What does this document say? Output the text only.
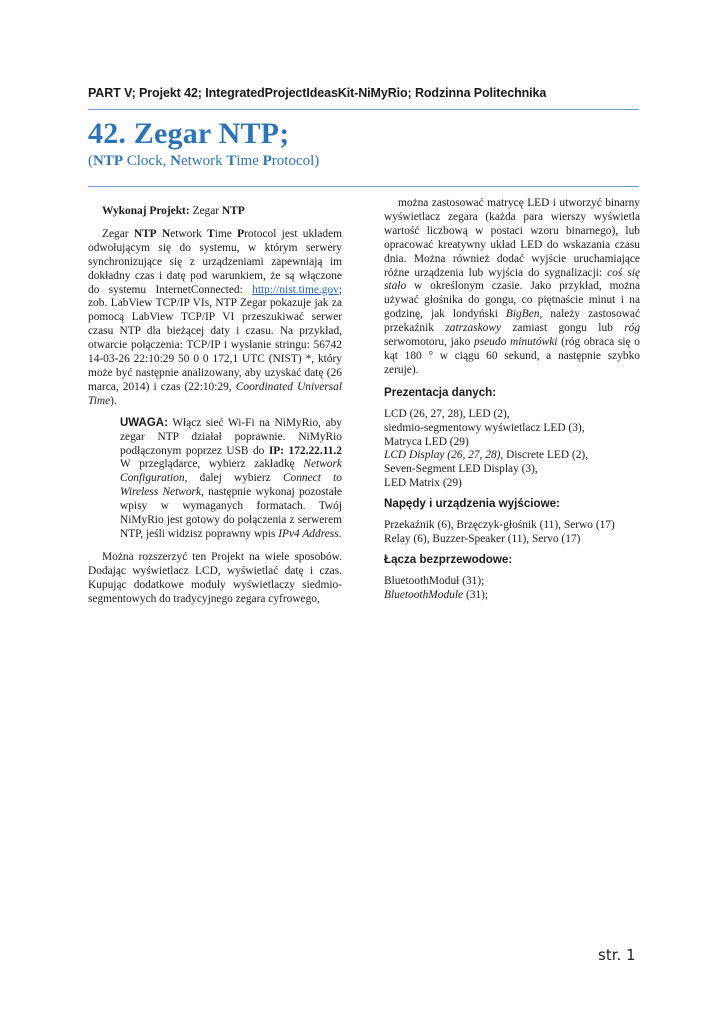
PART V; Projekt 42; IntegratedProjectIdeasKit-NiMyRio; Rodzinna Politechnika
42. Zegar NTP;
(NTP Clock, Network Time Protocol)

Wykonaj Projekt: Zegar NTP

Zegar NTP Network Time Protocol jest układem odwołującym się do systemu, w którym serwery synchronizujące się z urządzeniami zapewniają im dokładny czas i datę pod warunkiem, że są włączone do systemu InternetConnected: http://nist.time.gov; zob. LabView TCP/IP VIs, NTP Zegar pokazuje jak za pomocą LabView TCP/IP VI przeszukiwać serwer czasu NTP dla bieżącej daty i czasu. Na przykład, otwarcie połączenia: TCP/IP i wysłanie stringu: 56742 14-03-26 22:10:29 50 0 0 172,1 UTC (NIST) *, który może być następnie analizowany, aby uzyskać datę (26 marca, 2014) i czas (22:10:29, Coordinated Universal Time).

UWAGA: Włącz sieć Wi-Fi na NiMyRio, aby zegar NTP działał poprawnie. NiMyRio podłączonym poprzez USB do IP: 172.22.11.2 W przeglądarce, wybierz zakładkę Network Configuration, dalej wybierz Connect to Wireless Network, następnie wykonaj pozostałe wpisy w wymaganych formatach. Twój NiMyRio jest gotowy do połączenia z serwerem NTP, jeśli widzisz poprawny wpis IPv4 Address.

Można rozszerzyć ten Projekt na wiele sposobów. Dodając wyświetlacz LCD, wyświetlać datę i czas. Kupując dodatkowe moduły wyświetlaczy siedmio-segmentowych do tradycyjnego zegara cyfrowego,

można zastosować matrycę LED i utworzyć binarny wyświetlacz zegara (każda para wierszy wyświetla wartość liczbową w postaci wzoru binarnego), lub opracować kreatywny układ LED do wskazania czasu dnia. Można również dodać wyjście uruchamiające różne urządzenia lub wyjścia do sygnalizacji: coś się stało w określonym czasie. Jako przykład, można używać głośnika do gongu, co piętnaście minut i na godzinę, jak londyński BigBen, należy zastosować przekaźnik zatrzaskowy zamiast gongu lub róg serwomotoru, jako pseudo minutówki (róg obraca się o kąt 180 ° w ciągu 60 sekund, a następnie szybko zeruje).

Prezentacja danych:
LCD (26, 27, 28), LED (2),
siedmio-segmentowy wyświetlacz LED (3),
Matryca LED (29)
LCD Display (26, 27, 28), Discrete LED (2),
Seven-Segment LED Display (3),
LED Matrix (29)
Napędy i urządzenia wyjściowe:
Przekaźnik (6), Brzęczyk-głośnik (11), Serwo (17)
Relay (6), Buzzer-Speaker (11), Servo (17)
Łącza bezprzewodowe:
BluetoothModuł (31);
BluetoothModule (31);
str. 1
